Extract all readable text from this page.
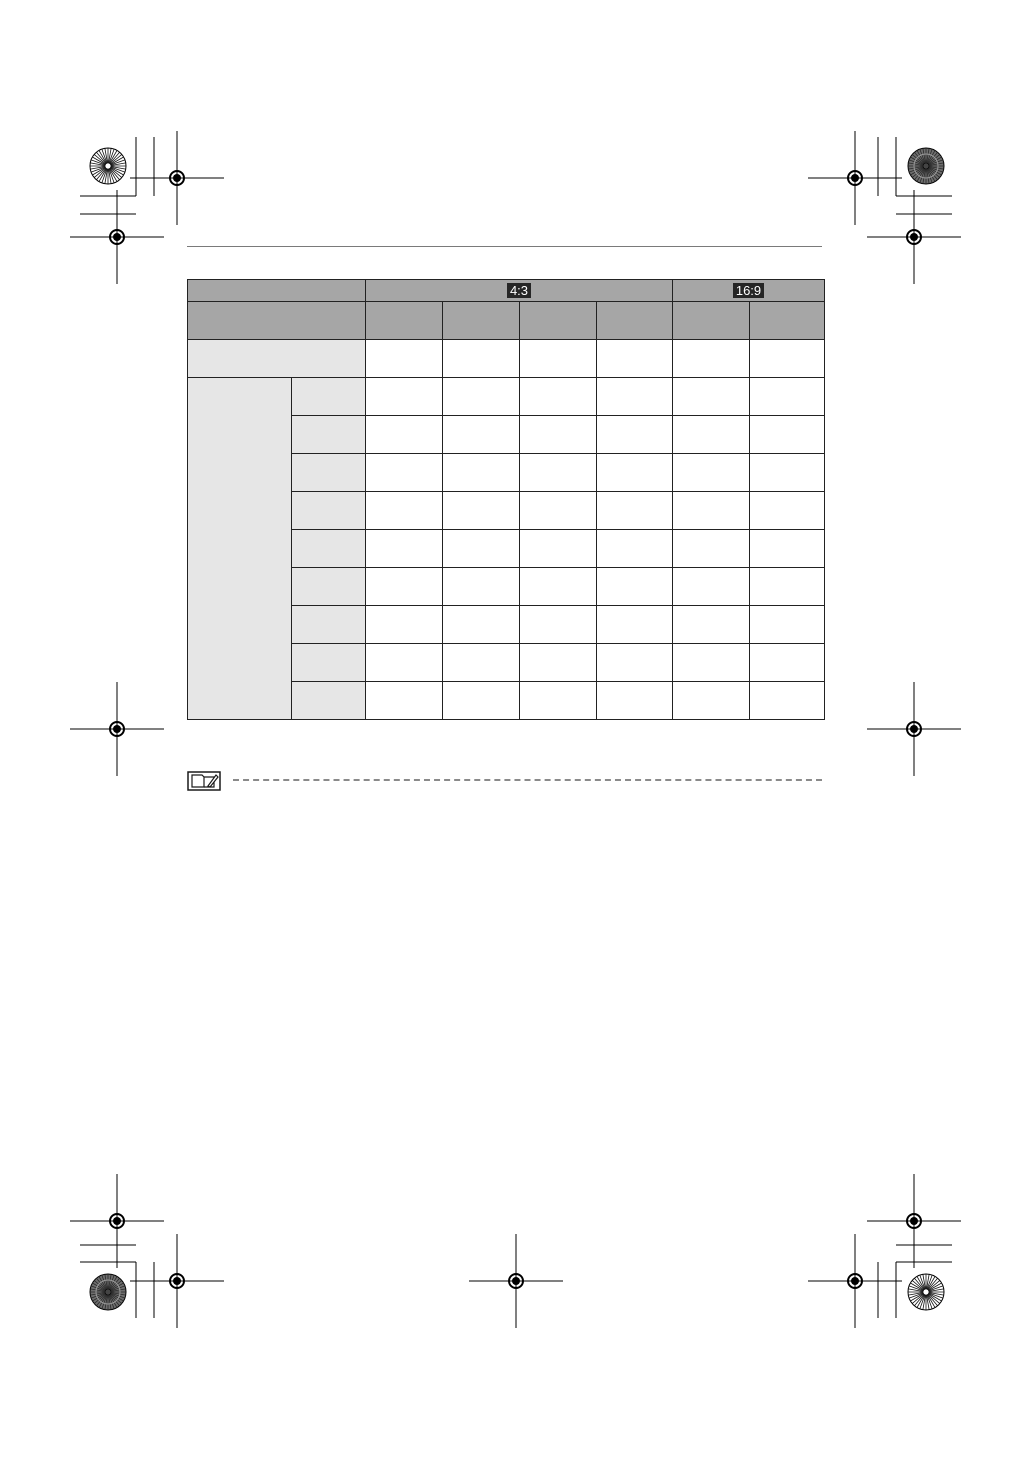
		4:3				16:9	
